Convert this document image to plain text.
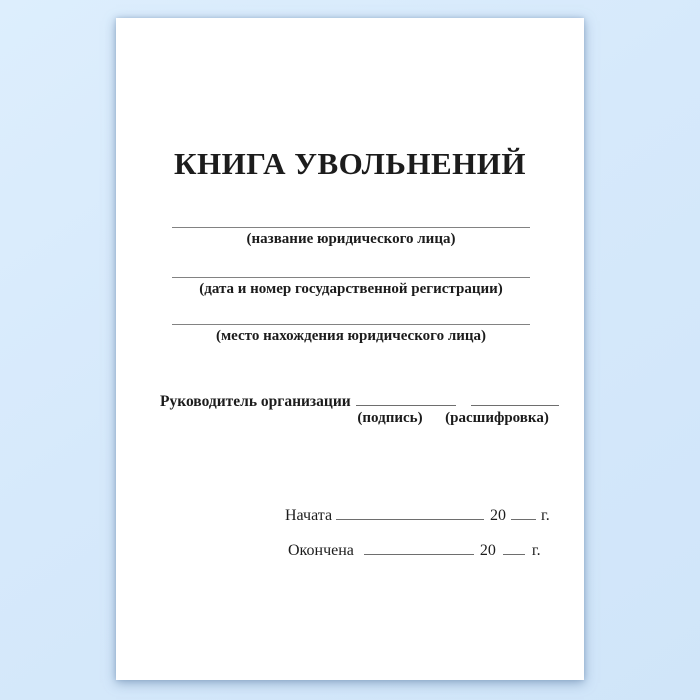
КНИГА УВОЛЬНЕНИЙ
(название юридического лица)
(дата и номер государственной регистрации)
(место нахождения юридического лица)
Руководитель организации
(подпись)	(расшифровка)
Начата	20 г.
Окончена	20 г.
